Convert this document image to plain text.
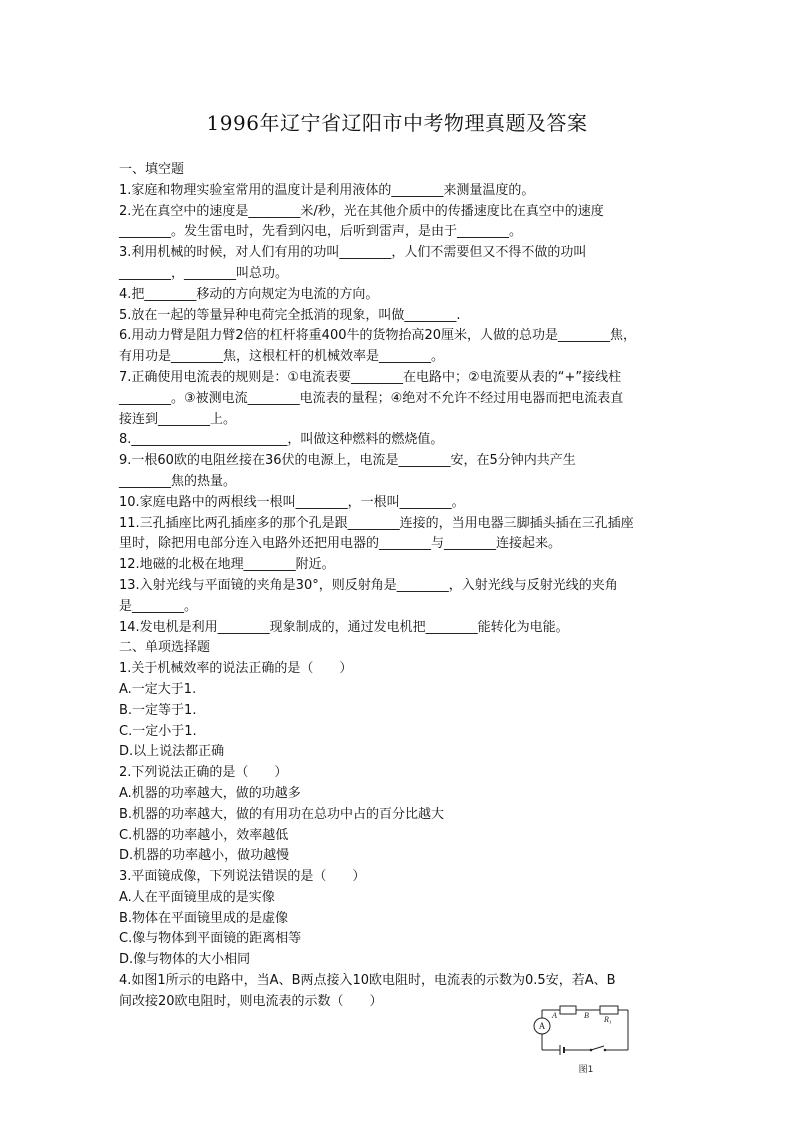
1996年辽宁省辽阳市中考物理真题及答案
一、填空题
1.家庭和物理实验室常用的温度计是利用液体的________来测量温度的。
2.光在真空中的速度是________米/秒，光在其他介质中的传播速度比在真空中的速度
________。发生雷电时，先看到闪电，后听到雷声，是由于________。
3.利用机械的时候，对人们有用的功叫________，人们不需要但又不得不做的功叫
________，________叫总功。
4.把________移动的方向规定为电流的方向。
5.放在一起的等量异种电荷完全抵消的现象，叫做________.
6.用动力臂是阻力臂2倍的杠杆将重400牛的货物抬高20厘米，人做的总功是________焦，
有用功是________焦，这根杠杆的机械效率是________。
7.正确使用电流表的规则是：①电流表要________在电路中；②电流要从表的“+”接线柱
________。③被测电流________电流表的量程；④绝对不允许不经过用电器而把电流表直
接连到________上。
8.________________________，叫做这种燃料的燃烧值。
9.一根60欧的电阻丝接在36伏的电源上，电流是________安，在5分钟内共产生
________焦的热量。
10.家庭电路中的两根线一根叫________，一根叫________。
11.三孔插座比两孔插座多的那个孔是跟________连接的，当用电器三脚插头插在三孔插座
里时，除把用电部分连入电路外还把用电器的________与________连接起来。
12.地磁的北极在地理________附近。
13.入射光线与平面镜的夹角是30°，则反射角是________，入射光线与反射光线的夹角
是________。
14.发电机是利用________现象制成的，通过发电机把________能转化为电能。
二、单项选择题
1.关于机械效率的说法正确的是（　　）
A.一定大于1.
B.一定等于1.
C.一定小于1.
D.以上说法都正确
2.下列说法正确的是（　　）
A.机器的功率越大，做的功越多
B.机器的功率越大，做的有用功在总功中占的百分比越大
C.机器的功率越小，效率越低
D.机器的功率越小，做功越慢
3.平面镜成像，下列说法错误的是（　　）
A.人在平面镜里成的是实像
B.物体在平面镜里成的是虚像
C.像与物体到平面镜的距离相等
D.像与物体的大小相同
4.如图1所示的电路中，当A、B两点接入10欧电阻时，电流表的示数为0.5安，若A、B
间改接20欧电阻时，则电流表的示数（　　）
A
A	B R₁
图1
